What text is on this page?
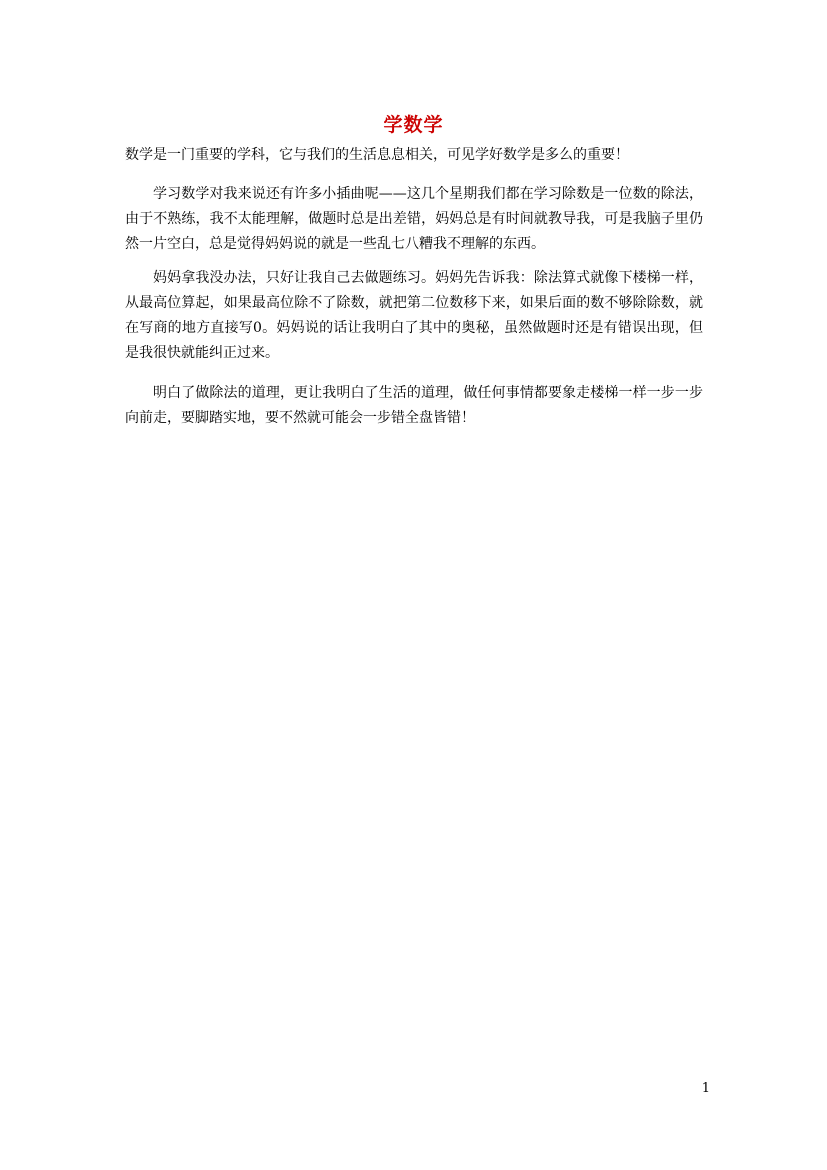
学数学

数学是一门重要的学科，它与我们的生活息息相关，可见学好数学是多么的重要！

学习数学对我来说还有许多小插曲呢——这几个星期我们都在学习除数是一位数的除法，由于不熟练，我不太能理解，做题时总是出差错，妈妈总是有时间就教导我，可是我脑子里仍然一片空白，总是觉得妈妈说的就是一些乱七八糟我不理解的东西。

妈妈拿我没办法，只好让我自己去做题练习。妈妈先告诉我：除法算式就像下楼梯一样，从最高位算起，如果最高位除不了除数，就把第二位数移下来，如果后面的数不够除除数，就在写商的地方直接写0。妈妈说的话让我明白了其中的奥秘，虽然做题时还是有错误出现，但是我很快就能纠正过来。

明白了做除法的道理，更让我明白了生活的道理，做任何事情都要象走楼梯一样一步一步向前走，要脚踏实地，要不然就可能会一步错全盘皆错！

1
